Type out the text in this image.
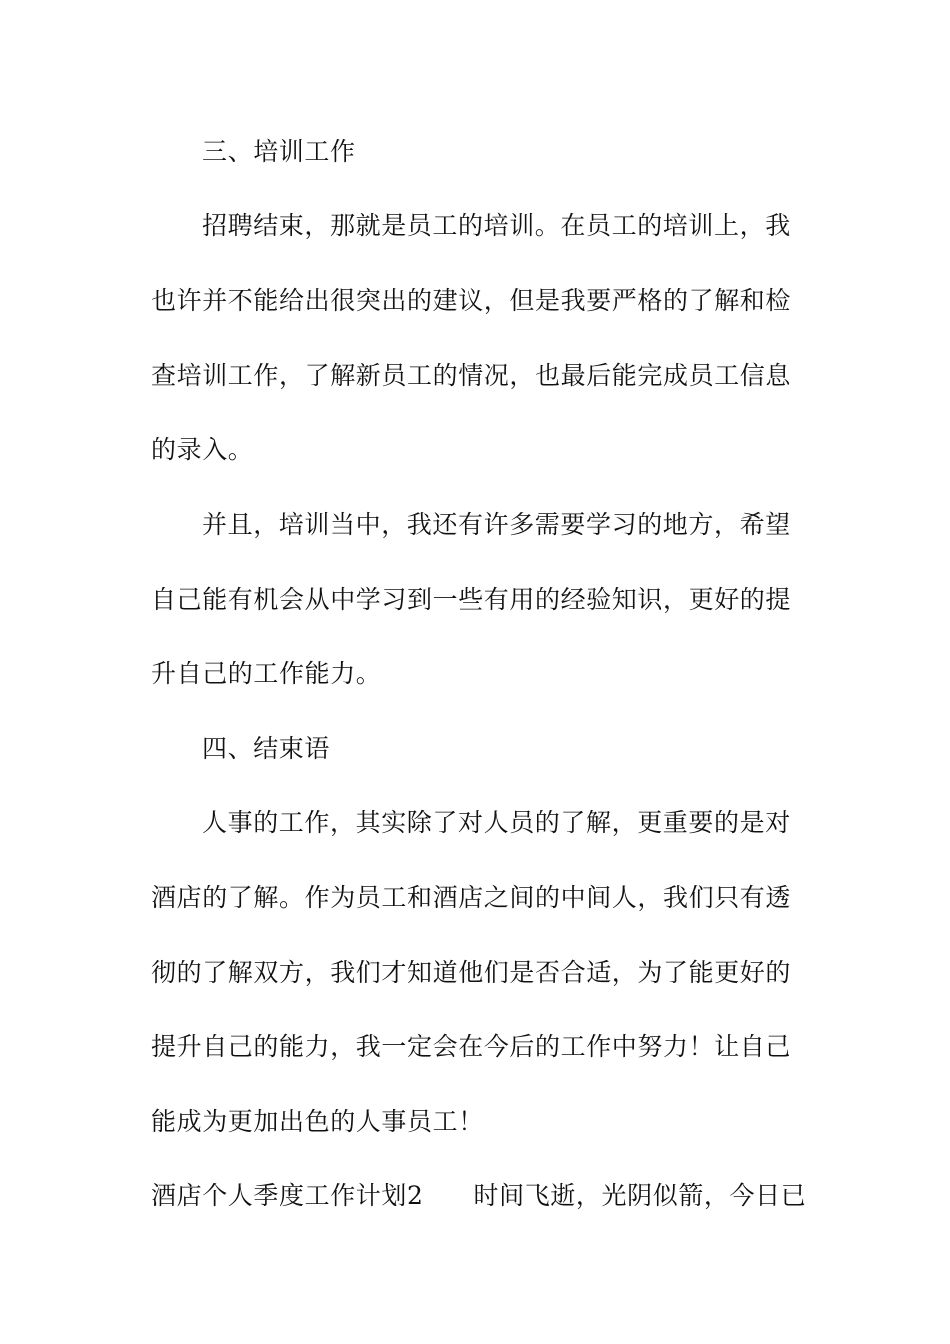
三、培训工作
招聘结束，那就是员工的培训。在员工的培训上，我
也许并不能给出很突出的建议，但是我要严格的了解和检
查培训工作，了解新员工的情况，也最后能完成员工信息
的录入。
并且，培训当中，我还有许多需要学习的地方，希望
自己能有机会从中学习到一些有用的经验知识，更好的提
升自己的工作能力。
四、结束语
人事的工作，其实除了对人员的了解，更重要的是对
酒店的了解。作为员工和酒店之间的中间人，我们只有透
彻的了解双方，我们才知道他们是否合适，为了能更好的
提升自己的能力，我一定会在今后的工作中努力！让自己
能成为更加出色的人事员工！
酒店个人季度工作计划2 时间飞逝，光阴似箭，今日已
